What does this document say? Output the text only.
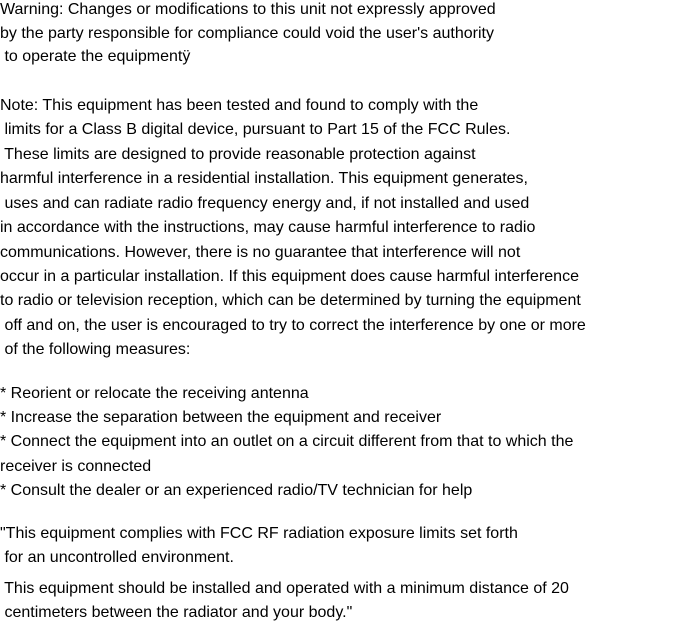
Warning: Changes or modifications to this unit not expressly approved
by the party responsible for compliance could void the user's authority
to operate the equipmentÿ
Note: This equipment has been tested and found to comply with the
limits for a Class B digital device, pursuant to Part 15 of the FCC Rules.
These limits are designed to provide reasonable protection against
harmful interference in a residential installation. This equipment generates,
uses and can radiate radio frequency energy and, if not installed and used
in accordance with the instructions, may cause harmful interference to radio
communications. However, there is no guarantee that interference will not
occur in a particular installation. If this equipment does cause harmful interference
to radio or television reception, which can be determined by turning the equipment
off and on, the user is encouraged to try to correct the interference by one or more
of the following measures:
* Reorient or relocate the receiving antenna
* Increase the separation between the equipment and receiver
* Connect the equipment into an outlet on a circuit different from that to which the
receiver is connected
* Consult the dealer or an experienced radio/TV technician for help
"This equipment complies with FCC RF radiation exposure limits set forth
for an uncontrolled environment.
This equipment should be installed and operated with a minimum distance of 20
centimeters between the radiator and your body."
